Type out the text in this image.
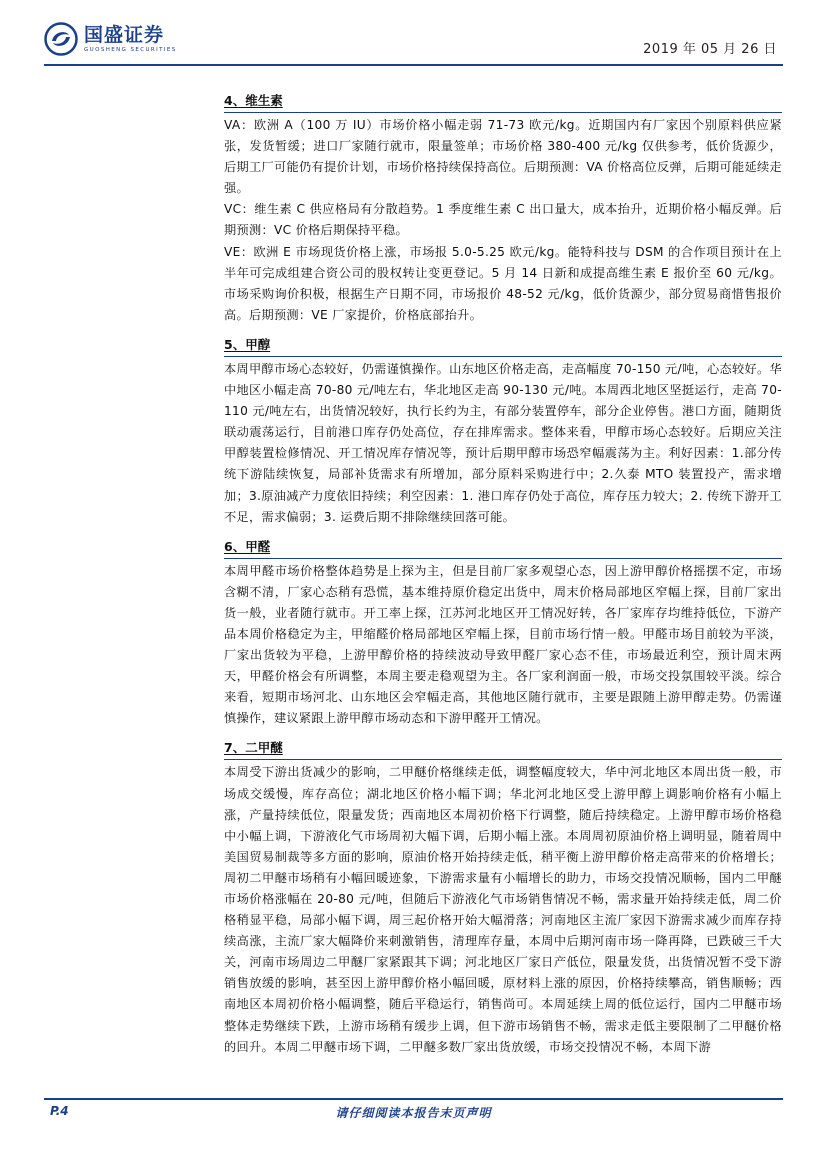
国盛证券
GUOSHENG SECURITIES	2019 年 05 月 26 日
4、维生素

VA：欧洲 A（100 万 IU）市场价格小幅走弱 71-73 欧元/kg。近期国内有厂家因个别原料供应紧张，发货暂缓；进口厂家随行就市，限量签单；市场价格 380-400 元/kg 仅供参考，低价货源少，后期工厂可能仍有提价计划，市场价格持续保持高位。后期预测：VA 价格高位反弹，后期可能延续走强。

VC：维生素 C 供应格局有分散趋势。1 季度维生素 C 出口量大，成本抬升，近期价格小幅反弹。后期预测：VC 价格后期保持平稳。

VE：欧洲 E 市场现货价格上涨，市场报 5.0-5.25 欧元/kg。能特科技与 DSM 的合作项目预计在上半年可完成组建合资公司的股权转让变更登记。5 月 14 日新和成提高维生素 E 报价至 60 元/kg。市场采购询价积极，根据生产日期不同，市场报价 48-52 元/kg，低价货源少，部分贸易商惜售报价高。后期预测：VE 厂家提价，价格底部抬升。

5、甲醇

本周甲醇市场心态较好，仍需谨慎操作。山东地区价格走高，走高幅度 70-150 元/吨，心态较好。华中地区小幅走高 70-80 元/吨左右，华北地区走高 90-130 元/吨。本周西北地区坚挺运行，走高 70-110 元/吨左右，出货情况较好，执行长约为主，有部分装置停车，部分企业停售。港口方面，随期货联动震荡运行，目前港口库存仍处高位，存在排库需求。整体来看，甲醇市场心态较好。后期应关注甲醇装置检修情况、开工情况库存情况等，预计后期甲醇市场恐窄幅震荡为主。利好因素：1.部分传统下游陆续恢复，局部补货需求有所增加，部分原料采购进行中；2.久泰 MTO 装置投产，需求增加；3.原油减产力度依旧持续；利空因素：1. 港口库存仍处于高位，库存压力较大；2. 传统下游开工不足，需求偏弱；3. 运费后期不排除继续回落可能。

6、甲醛

本周甲醛市场价格整体趋势是上探为主，但是目前厂家多观望心态，因上游甲醇价格摇摆不定，市场含糊不清，厂家心态稍有恐慌，基本维持原价稳定出货中，周末价格局部地区窄幅上探，目前厂家出货一般，业者随行就市。开工率上探，江苏河北地区开工情况好转，各厂家库存均维持低位，下游产品本周价格稳定为主，甲缩醛价格局部地区窄幅上探，目前市场行情一般。甲醛市场目前较为平淡，厂家出货较为平稳，上游甲醇价格的持续波动导致甲醛厂家心态不佳，市场最近利空，预计周末两天，甲醛价格会有所调整，本周主要走稳观望为主。各厂家利润面一般，市场交投氛围较平淡。综合来看，短期市场河北、山东地区会窄幅走高，其他地区随行就市，主要是跟随上游甲醇走势。仍需谨慎操作，建议紧跟上游甲醇市场动态和下游甲醛开工情况。

7、二甲醚

本周受下游出货减少的影响，二甲醚价格继续走低，调整幅度较大，华中河北地区本周出货一般，市场成交缓慢，库存高位；湖北地区价格小幅下调；华北河北地区受上游甲醇上调影响价格有小幅上涨，产量持续低位，限量发货；西南地区本周初价格下行调整，随后持续稳定。上游甲醇市场价格稳中小幅上调，下游液化气市场周初大幅下调，后期小幅上涨。本周周初原油价格上调明显，随着周中美国贸易制裁等多方面的影响，原油价格开始持续走低，稍平衡上游甲醇价格走高带来的价格增长；周初二甲醚市场稍有小幅回暖迹象，下游需求量有小幅增长的助力，市场交投情况顺畅，国内二甲醚市场价格涨幅在 20-80 元/吨，但随后下游液化气市场销售情况不畅，需求量开始持续走低，周二价格稍显平稳，局部小幅下调，周三起价格开始大幅滑落；河南地区主流厂家因下游需求减少而库存持续高涨，主流厂家大幅降价来刺激销售，清理库存量，本周中后期河南市场一降再降，已跌破三千大关，河南市场周边二甲醚厂家紧跟其下调；河北地区厂家日产低位，限量发货，出货情况暂不受下游销售放缓的影响，甚至因上游甲醇价格小幅回暖，原材料上涨的原因，价格持续攀高，销售顺畅；西南地区本周初价格小幅调整，随后平稳运行，销售尚可。本周延续上周的低位运行，国内二甲醚市场整体走势继续下跌，上游市场稍有缓步上调，但下游市场销售不畅，需求走低主要限制了二甲醚价格的回升。本周二甲醚市场下调，二甲醚多数厂家出货放缓，市场交投情况不畅，本周下游

P.4	请仔细阅读本报告末页声明
